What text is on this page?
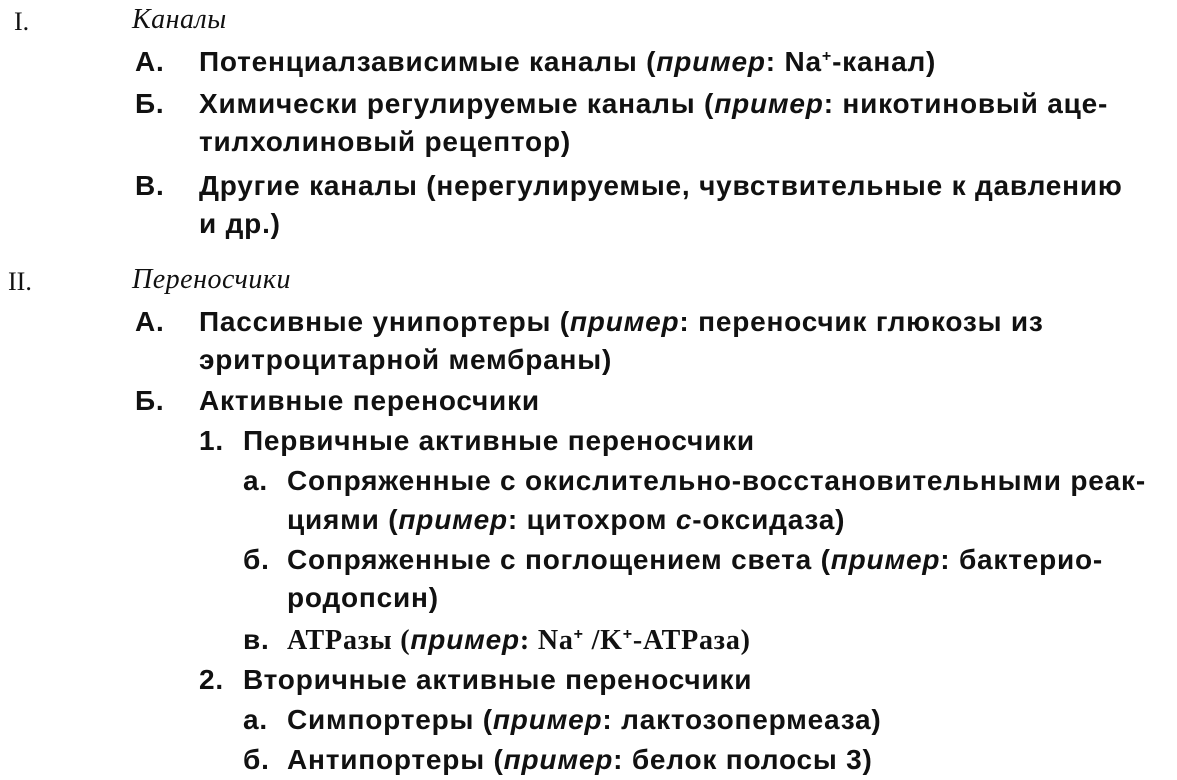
I.	Каналы
А. Потенциалзависимые каналы (пример: Na+-канал)
Б. Химически регулируемые каналы (пример: никотиновый аце-
тилхолиновый рецептор)
В. Другие каналы (нерегулируемые, чувствительные к давлению
и др.)
II.	Переносчики
А. Пассивные унипортеры (пример: переносчик глюкозы из
эритроцитарной мембраны)
Б. Активные переносчики
1. Первичные активные переносчики
а. Сопряженные с окислительно-восстановительными реак-
циями (пример: цитохром с-оксидаза)
б. Сопряженные с поглощением света (пример: бактерио-
родопсин)
в. АТРазы (пример: Na+ /K+-АТРаза)
2. Вторичные активные переносчики
а. Симпортеры (пример: лактозопермеаза)
б. Антипортеры (пример: белок полосы 3)
